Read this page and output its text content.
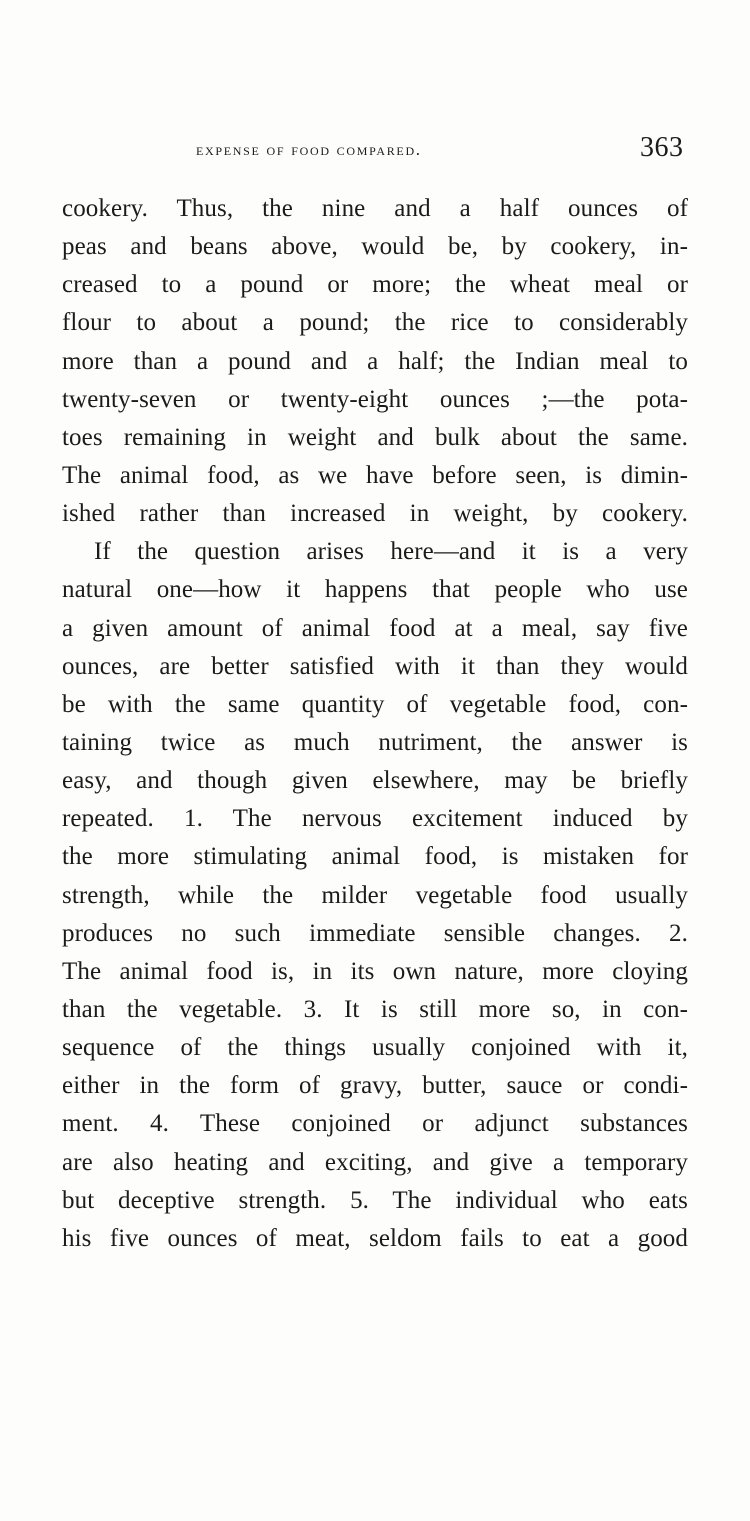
expense of food compared.	363
cookery. Thus, the nine and a half ounces of
peas and beans above, would be, by cookery, in-
creased to a pound or more; the wheat meal or
flour to about a pound; the rice to considerably
more than a pound and a half; the Indian meal to
twenty-seven or twenty-eight ounces ;—the pota-
toes remaining in weight and bulk about the same.
The animal food, as we have before seen, is dimin-
ished rather than increased in weight, by cookery.
If the question arises here—and it is a very
natural one—how it happens that people who use
a given amount of animal food at a meal, say five
ounces, are better satisfied with it than they would
be with the same quantity of vegetable food, con-
taining twice as much nutriment, the answer is
easy, and though given elsewhere, may be briefly
repeated. 1. The nervous excitement induced by
the more stimulating animal food, is mistaken for
strength, while the milder vegetable food usually
produces no such immediate sensible changes. 2.
The animal food is, in its own nature, more cloying
than the vegetable. 3. It is still more so, in con-
sequence of the things usually conjoined with it,
either in the form of gravy, butter, sauce or condi-
ment. 4. These conjoined or adjunct substances
are also heating and exciting, and give a temporary
but deceptive strength. 5. The individual who eats
his five ounces of meat, seldom fails to eat a good
